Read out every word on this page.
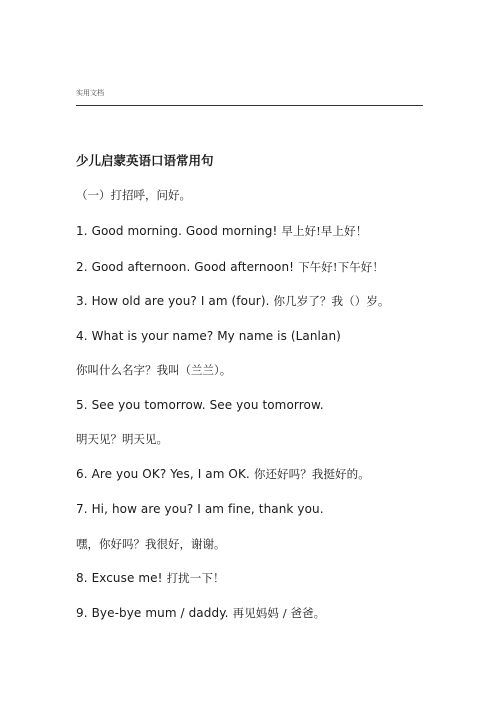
实用文档
少儿启蒙英语口语常用句
（一）打招呼，问好。
1. Good morning. Good morning! 早上好!早上好！
2. Good afternoon. Good afternoon! 下午好!下午好！
3. How old are you? I am (four). 你几岁了？我（）岁。
4. What is your name? My name is (Lanlan)
你叫什么名字？我叫（兰兰）。
5. See you tomorrow. See you tomorrow.
明天见？明天见。
6. Are you OK? Yes, I am OK. 你还好吗？我挺好的。
7. Hi, how are you? I am fine, thank you.
嘿，你好吗？我很好，谢谢。
8. Excuse me! 打扰一下！
9. Bye-bye mum / daddy. 再见妈妈 / 爸爸。
